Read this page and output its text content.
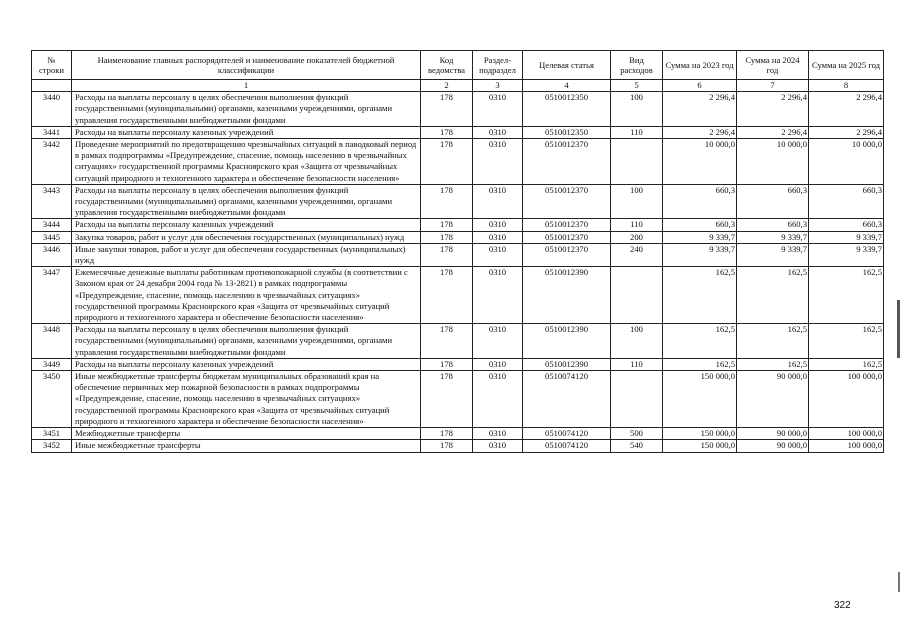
№ строки	Наименование главных распорядителей и наименование показателей бюджетной классификации	Код ведомства	Раздел-подраздел	Целевая статья	Вид расходов	Сумма на 2023 год	Сумма на 2024 год	Сумма на 2025 год
	1	2	3	4	5	6	7	8
3440	Расходы на выплаты персоналу в целях обеспечения выполнения функций государственными (муниципальными) органами, казенными учреждениями, органами управления государственными внебюджетными фондами	178	0310	0510012350	100	2 296,4	2 296,4	2 296,4
3441	Расходы на выплаты персоналу казенных учреждений	178	0310	0510012350	110	2 296,4	2 296,4	2 296,4
3442	Проведение мероприятий по предотвращению чрезвычайных ситуаций в паводковый период в рамках подпрограммы «Предупреждение, спасение, помощь населению в чрезвычайных ситуациях» государственной программы Красноярского края «Защита от чрезвычайных ситуаций природного и техногенного характера и обеспечение безопасности населения»	178	0310	0510012370		10 000,0	10 000,0	10 000,0
3443	Расходы на выплаты персоналу в целях обеспечения выполнения функций государственными (муниципальными) органами, казенными учреждениями, органами управления государственными внебюджетными фондами	178	0310	0510012370	100	660,3	660,3	660,3
3444	Расходы на выплаты персоналу казенных учреждений	178	0310	0510012370	110	660,3	660,3	660,3
3445	Закупка товаров, работ и услуг для обеспечения государственных (муниципальных) нужд	178	0310	0510012370	200	9 339,7	9 339,7	9 339,7
3446	Иные закупки товаров, работ и услуг для обеспечения государственных (муниципальных) нужд	178	0310	0510012370	240	9 339,7	9 339,7	9 339,7
3447	Ежемесячные денежные выплаты работникам противопожарной службы (в соответствии с Законом края от 24 декабря 2004 года № 13-2821) в рамках подпрограммы «Предупреждение, спасение, помощь населению в чрезвычайных ситуациях» государственной программы Красноярского края «Защита от чрезвычайных ситуаций природного и техногенного характера и обеспечение безопасности населения»	178	0310	0510012390		162,5	162,5	162,5
3448	Расходы на выплаты персоналу в целях обеспечения выполнения функций государственными (муниципальными) органами, казенными учреждениями, органами управления государственными внебюджетными фондами	178	0310	0510012390	100	162,5	162,5	162,5
3449	Расходы на выплаты персоналу казенных учреждений	178	0310	0510012390	110	162,5	162,5	162,5
3450	Иные межбюджетные трансферты бюджетам муниципальных образований края на обеспечение первичных мер пожарной безопасности в рамках подпрограммы «Предупреждение, спасение, помощь населению в чрезвычайных ситуациях» государственной программы Красноярского края «Защита от чрезвычайных ситуаций природного и техногенного характера и обеспечение безопасности населения»	178	0310	0510074120		150 000,0	90 000,0	100 000,0
3451	Межбюджетные трансферты	178	0310	0510074120	500	150 000,0	90 000,0	100 000,0
3452	Иные межбюджетные трансферты	178	0310	0510074120	540	150 000,0	90 000,0	100 000,0
322
